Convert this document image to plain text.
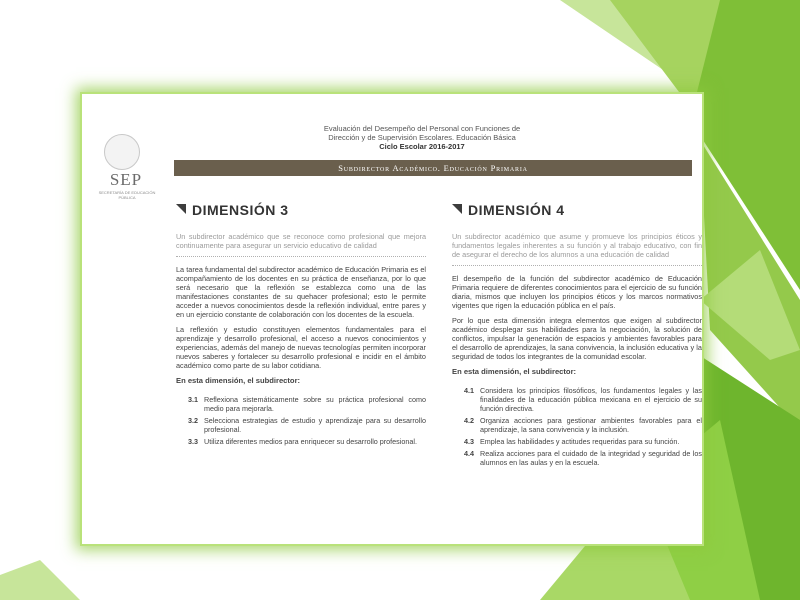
SEP
SECRETARÍA DE EDUCACIÓN PÚBLICA
Evaluación del Desempeño del Personal con Funciones de
Dirección y de Supervisión Escolares. Educación Básica
Ciclo Escolar 2016-2017
Subdirector Académico. Educación Primaria
DIMENSIÓN 3
Un subdirector académico que se reconoce como profesional que mejora continuamente para asegurar un servicio educativo de calidad

La tarea fundamental del subdirector académico de Educación Primaria es el acompañamiento de los docentes en su práctica de enseñanza, por lo que será necesario que la reflexión se establezca como una de las manifestaciones constantes de su quehacer profesional; esto le permite acceder a nuevos conocimientos desde la reflexión individual, entre pares y en un ejercicio constante de colaboración con los docentes de la escuela.

La reflexión y estudio constituyen elementos fundamentales para el aprendizaje y desarrollo profesional, el acceso a nuevos conocimientos y experiencias, además del manejo de nuevas tecnologías permiten incorporar nuevos saberes y fortalecer su desarrollo profesional e incidir en el ámbito académico como parte de su labor cotidiana.

En esta dimensión, el subdirector:
3.1 Reflexiona sistemáticamente sobre su práctica profesional como medio para mejorarla.
3.2 Selecciona estrategias de estudio y aprendizaje para su desarrollo profesional.
3.3 Utiliza diferentes medios para enriquecer su desarrollo profesional.
DIMENSIÓN 4
Un subdirector académico que asume y promueve los principios éticos y fundamentos legales inherentes a su función y al trabajo educativo, con fin de asegurar el derecho de los alumnos a una educación de calidad

El desempeño de la función del subdirector académico de Educación Primaria requiere de diferentes conocimientos para el ejercicio de su función diaria, mismos que incluyen los principios éticos y los marcos normativos vigentes que rigen la educación pública en el país.

Por lo que esta dimensión integra elementos que exigen al subdirector académico desplegar sus habilidades para la negociación, la solución de conflictos, impulsar la generación de espacios y ambientes favorables para el desarrollo de aprendizajes, la sana convivencia, la inclusión educativa y la seguridad de todos los integrantes de la comunidad escolar.

En esta dimensión, el subdirector:
4.1 Considera los principios filosóficos, los fundamentos legales y las finalidades de la educación pública mexicana en el ejercicio de su función directiva.
4.2 Organiza acciones para gestionar ambientes favorables para el aprendizaje, la sana convivencia y la inclusión.
4.3 Emplea las habilidades y actitudes requeridas para su función.
4.4 Realiza acciones para el cuidado de la integridad y seguridad de los alumnos en las aulas y en la escuela.
